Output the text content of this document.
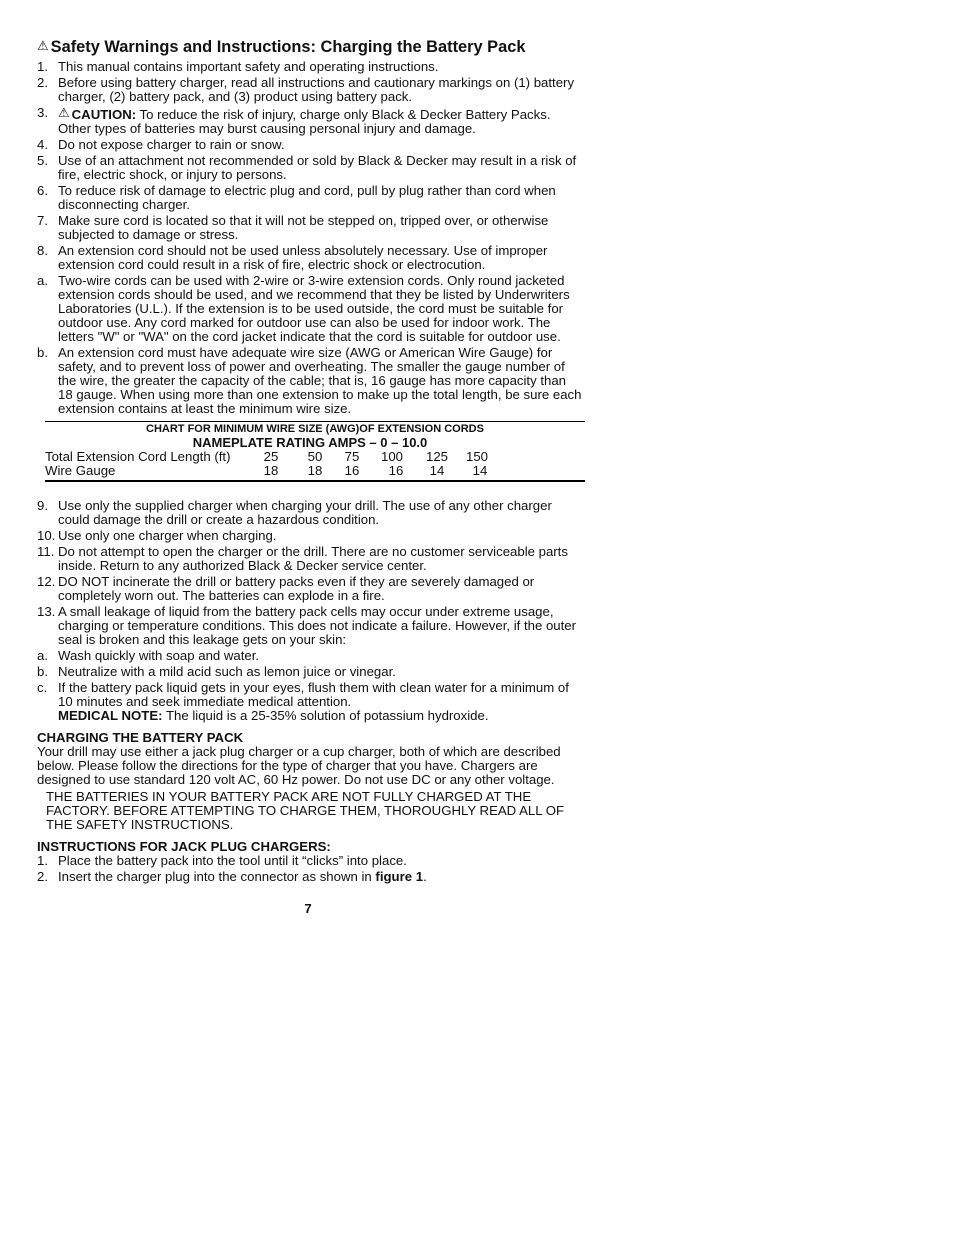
⚠ Safety Warnings and Instructions: Charging the Battery Pack
1. This manual contains important safety and operating instructions.
2. Before using battery charger, read all instructions and cautionary markings on (1) battery charger, (2) battery pack, and (3) product using battery pack.
3. ⚠ CAUTION: To reduce the risk of injury, charge only Black & Decker Battery Packs. Other types of batteries may burst causing personal injury and damage.
4. Do not expose charger to rain or snow.
5. Use of an attachment not recommended or sold by Black & Decker may result in a risk of fire, electric shock, or injury to persons.
6. To reduce risk of damage to electric plug and cord, pull by plug rather than cord when disconnecting charger.
7. Make sure cord is located so that it will not be stepped on, tripped over, or otherwise subjected to damage or stress.
8. An extension cord should not be used unless absolutely necessary. Use of improper extension cord could result in a risk of fire, electric shock or electrocution.
a. Two-wire cords can be used with 2-wire or 3-wire extension cords. Only round jacketed extension cords should be used, and we recommend that they be listed by Underwriters Laboratories (U.L.). If the extension is to be used outside, the cord must be suitable for outdoor use. Any cord marked for outdoor use can also be used for indoor work. The letters "W" or "WA" on the cord jacket indicate that the cord is suitable for outdoor use.
b. An extension cord must have adequate wire size (AWG or American Wire Gauge) for safety, and to prevent loss of power and overheating. The smaller the gauge number of the wire, the greater the capacity of the cable; that is, 16 gauge has more capacity than 18 gauge. When using more than one extension to make up the total length, be sure each extension contains at least the minimum wire size.
CHART FOR MINIMUM WIRE SIZE (AWG)OF EXTENSION CORDS
NAMEPLATE RATING AMPS – 0 – 10.0
Total Extension Cord Length (ft)	25	50	75	100	125	150
Wire Gauge	18	18	16	16	14	14
9. Use only the supplied charger when charging your drill. The use of any other charger could damage the drill or create a hazardous condition.
10. Use only one charger when charging.
11. Do not attempt to open the charger or the drill. There are no customer serviceable parts inside. Return to any authorized Black & Decker service center.
12. DO NOT incinerate the drill or battery packs even if they are severely damaged or completely worn out. The batteries can explode in a fire.
13. A small leakage of liquid from the battery pack cells may occur under extreme usage, charging or temperature conditions. This does not indicate a failure. However, if the outer seal is broken and this leakage gets on your skin:
a. Wash quickly with soap and water.
b. Neutralize with a mild acid such as lemon juice or vinegar.
c. If the battery pack liquid gets in your eyes, flush them with clean water for a minimum of 10 minutes and seek immediate medical attention.
MEDICAL NOTE: The liquid is a 25-35% solution of potassium hydroxide.
CHARGING THE BATTERY PACK

Your drill may use either a jack plug charger or a cup charger, both of which are described below. Please follow the directions for the type of charger that you have. Chargers are designed to use standard 120 volt AC, 60 Hz power. Do not use DC or any other voltage.

THE BATTERIES IN YOUR BATTERY PACK ARE NOT FULLY CHARGED AT THE FACTORY. BEFORE ATTEMPTING TO CHARGE THEM, THOROUGHLY READ ALL OF THE SAFETY INSTRUCTIONS.

INSTRUCTIONS FOR JACK PLUG CHARGERS:
1. Place the battery pack into the tool until it “clicks” into place.
2. Insert the charger plug into the connector as shown in figure 1.
7
